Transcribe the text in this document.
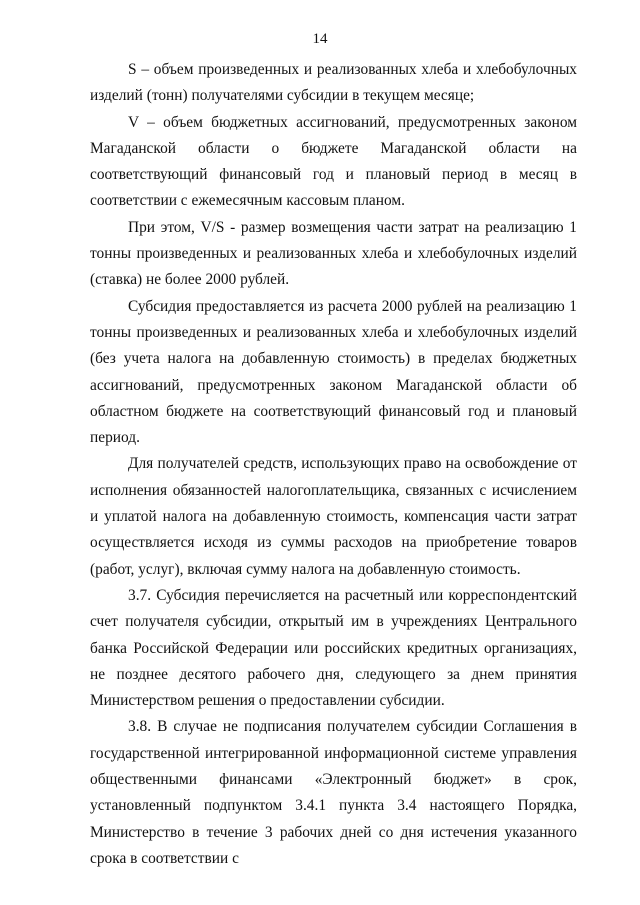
14

S – объем произведенных и реализованных хлеба и хлебобулочных изделий (тонн) получателями субсидии в текущем месяце;

V – объем бюджетных ассигнований, предусмотренных законом Магаданской области о бюджете Магаданской области на соответствующий финансовый год и плановый период в месяц в соответствии с ежемесячным кассовым планом.

При этом, V/S - размер возмещения части затрат на реализацию 1 тонны произведенных и реализованных хлеба и хлебобулочных изделий (ставка) не более 2000 рублей.

Субсидия предоставляется из расчета 2000 рублей на реализацию 1 тонны произведенных и реализованных хлеба и хлебобулочных изделий (без учета налога на добавленную стоимость) в пределах бюджетных ассигнований, предусмотренных законом Магаданской области об областном бюджете на соответствующий финансовый год и плановый период.

Для получателей средств, использующих право на освобождение от исполнения обязанностей налогоплательщика, связанных с исчислением и уплатой налога на добавленную стоимость, компенсация части затрат осуществляется исходя из суммы расходов на приобретение товаров (работ, услуг), включая сумму налога на добавленную стоимость.

3.7. Субсидия перечисляется на расчетный или корреспондентский счет получателя субсидии, открытый им в учреждениях Центрального банка Российской Федерации или российских кредитных организациях, не позднее десятого рабочего дня, следующего за днем принятия Министерством решения о предоставлении субсидии.

3.8. В случае не подписания получателем субсидии Соглашения в государственной интегрированной информационной системе управления общественными финансами «Электронный бюджет» в срок, установленный подпунктом 3.4.1 пункта 3.4 настоящего Порядка, Министерство в течение 3 рабочих дней со дня истечения указанного срока в соответствии с
